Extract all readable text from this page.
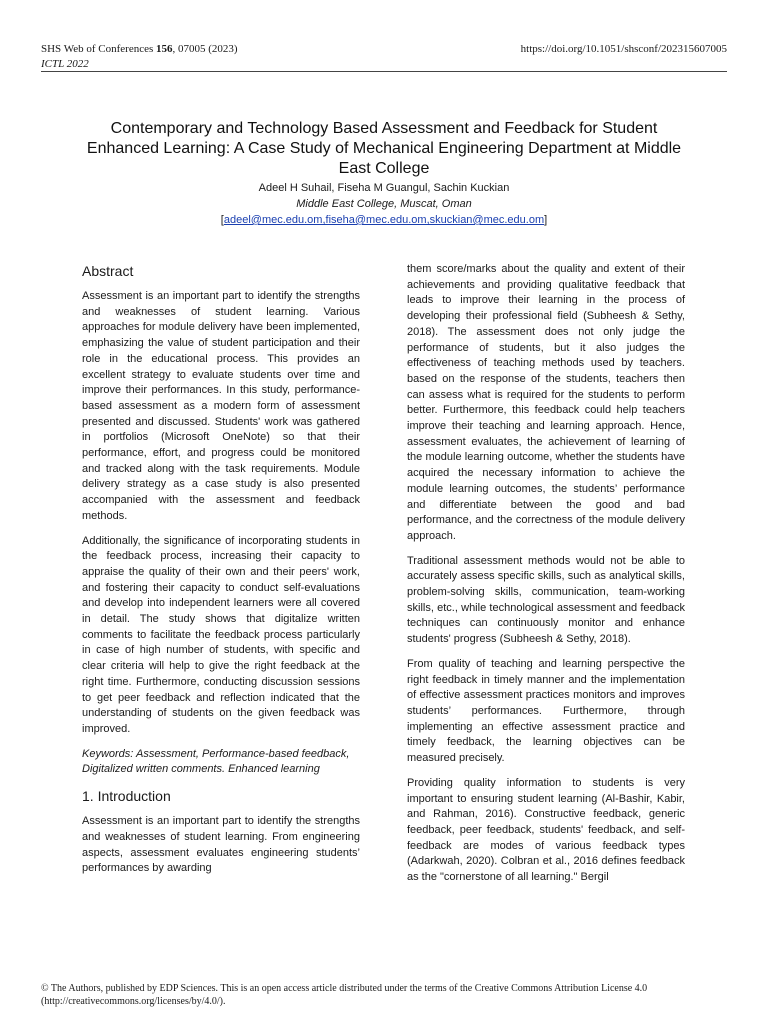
SHS Web of Conferences 156, 07005 (2023)	https://doi.org/10.1051/shsconf/202315607005
ICTL 2022
Contemporary and Technology Based Assessment and Feedback for Student Enhanced Learning: A Case Study of Mechanical Engineering Department at Middle East College
Adeel H Suhail, Fiseha M Guangul, Sachin Kuckian
Middle East College, Muscat, Oman
[adeel@mec.edu.om,fiseha@mec.edu.om,skuckian@mec.edu.om]
Abstract

Assessment is an important part to identify the strengths and weaknesses of student learning. Various approaches for module delivery have been implemented, emphasizing the value of student participation and their role in the educational process. This provides an excellent strategy to evaluate students over time and improve their performances. In this study, performance-based assessment as a modern form of assessment presented and discussed. Students' work was gathered in portfolios (Microsoft OneNote) so that their performance, effort, and progress could be monitored and tracked along with the task requirements. Module delivery strategy as a case study is also presented accompanied with the assessment and feedback methods.

Additionally, the significance of incorporating students in the feedback process, increasing their capacity to appraise the quality of their own and their peers' work, and fostering their capacity to conduct self-evaluations and develop into independent learners were all covered in detail. The study shows that digitalize written comments to facilitate the feedback process particularly in case of high number of students, with specific and clear criteria will help to give the right feedback at the right time. Furthermore, conducting discussion sessions to get peer feedback and reflection indicated that the understanding of students on the given feedback was improved.

Keywords: Assessment, Performance-based feedback, Digitalized written comments. Enhanced learning

1. Introduction

Assessment is an important part to identify the strengths and weaknesses of student learning. From engineering aspects, assessment evaluates engineering students’ performances by awarding

them score/marks about the quality and extent of their achievements and providing qualitative feedback that leads to improve their learning in the process of developing their professional field (Subheesh & Sethy, 2018). The assessment does not only judge the performance of students, but it also judges the effectiveness of teaching methods used by teachers. based on the response of the students, teachers then can assess what is required for the students to perform better. Furthermore, this feedback could help teachers improve their teaching and learning approach. Hence, assessment evaluates, the achievement of learning of the module learning outcome, whether the students have acquired the necessary information to achieve the module learning outcomes, the students’ performance and differentiate between the good and bad performance, and the correctness of the module delivery approach.

Traditional assessment methods would not be able to accurately assess specific skills, such as analytical skills, problem-solving skills, communication, team-working skills, etc., while technological assessment and feedback techniques can continuously monitor and enhance students' progress (Subheesh & Sethy, 2018).

From quality of teaching and learning perspective the right feedback in timely manner and the implementation of effective assessment practices monitors and improves students’ performances. Furthermore, through implementing an effective assessment practice and timely feedback, the learning objectives can be measured precisely.

Providing quality information to students is very important to ensuring student learning (Al-Bashir, Kabir, and Rahman, 2016). Constructive feedback, generic feedback, peer feedback, students' feedback, and self-feedback are modes of various feedback types (Adarkwah, 2020). Colbran et al., 2016 defines feedback as the "cornerstone of all learning." Bergil

© The Authors, published by EDP Sciences. This is an open access article distributed under the terms of the Creative Commons Attribution License 4.0
(http://creativecommons.org/licenses/by/4.0/).
